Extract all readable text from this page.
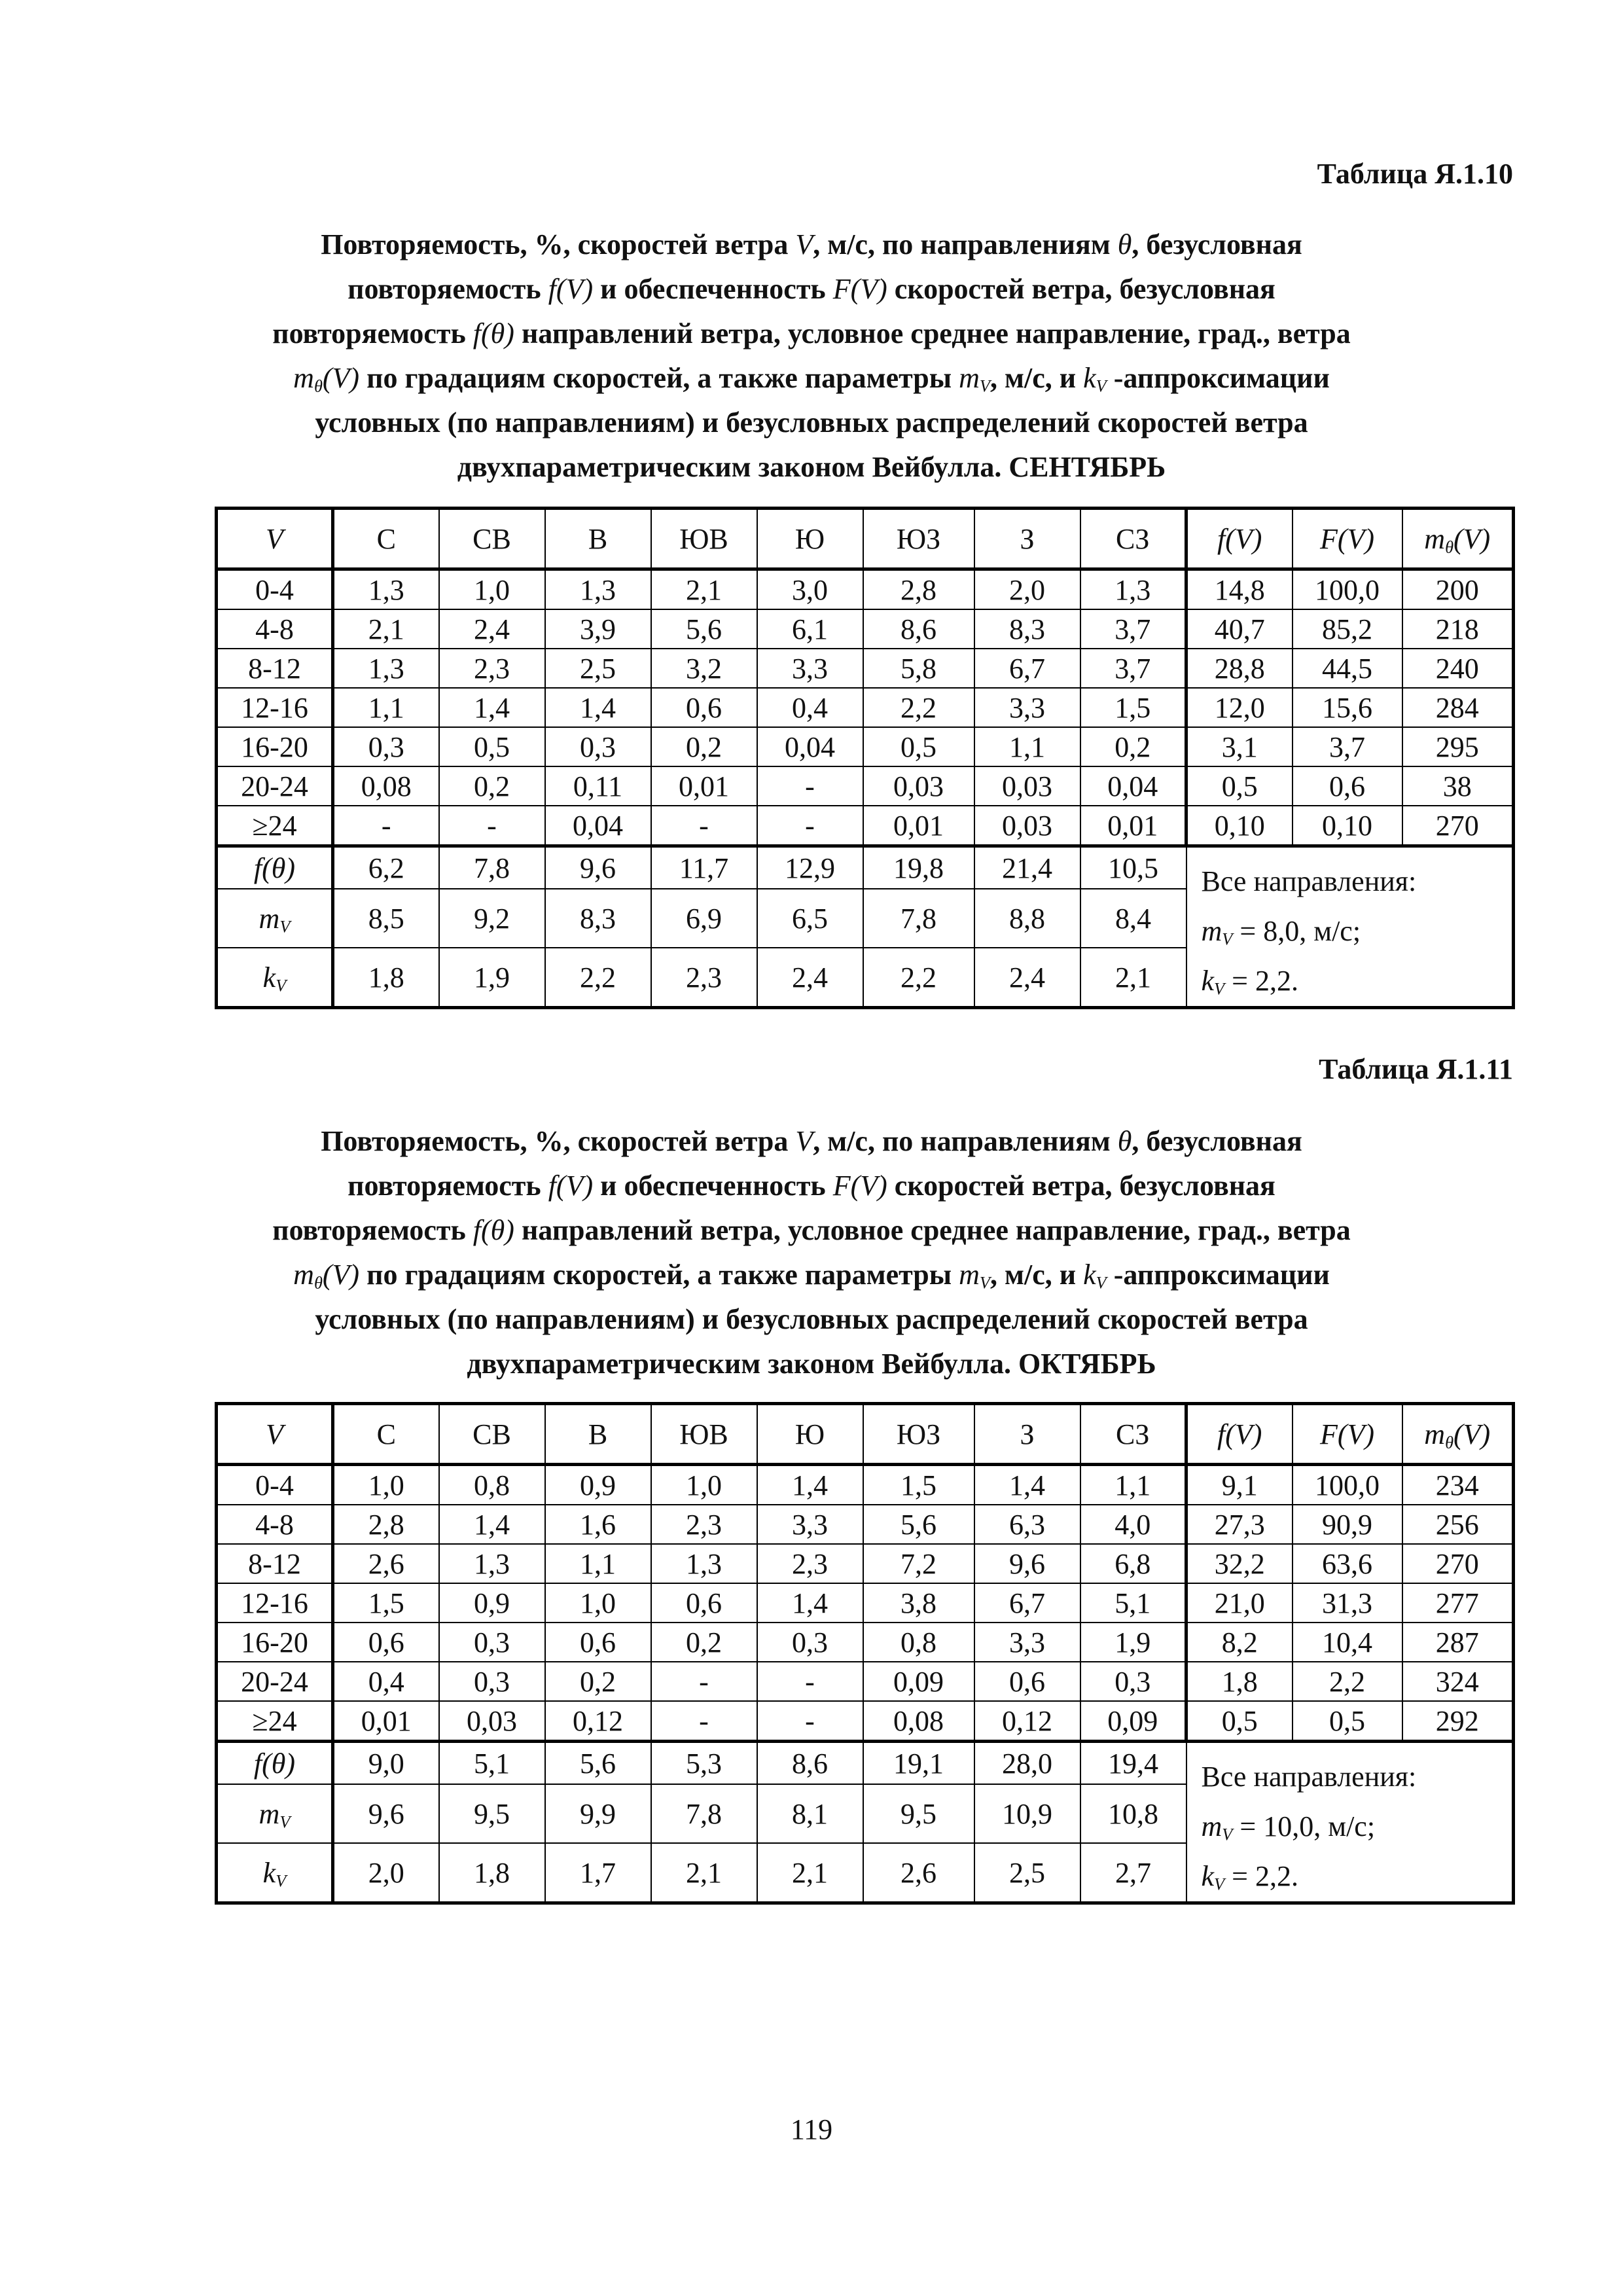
Таблица Я.1.10
Повторяемость, %, скоростей ветра V, м/с, по направлениям θ, безусловная
повторяемость f(V) и обеспеченность F(V) скоростей ветра, безусловная
повторяемость f(θ) направлений ветра, условное среднее направление, град., ветра
$m_\theta(V)$ по градациям скоростей, а также параметры $m_V$, м/с, и $k_V$ -аппроксимации
условных (по направлениям) и безусловных распределений скоростей ветра
двухпараметрическим законом Вейбулла. СЕНТЯБРЬ
V	С	СВ	В	ЮВ	Ю	ЮЗ	З	СЗ	f(V)	F(V)	$m_\theta(V)$
0-4	1,3	1,0	1,3	2,1	3,0	2,8	2,0	1,3	14,8	100,0	200
4-8	2,1	2,4	3,9	5,6	6,1	8,6	8,3	3,7	40,7	85,2	218
8-12	1,3	2,3	2,5	3,2	3,3	5,8	6,7	3,7	28,8	44,5	240
12-16	1,1	1,4	1,4	0,6	0,4	2,2	3,3	1,5	12,0	15,6	284
16-20	0,3	0,5	0,3	0,2	0,04	0,5	1,1	0,2	3,1	3,7	295
20-24	0,08	0,2	0,11	0,01	-	0,03	0,03	0,04	0,5	0,6	38
≥24	-	-	0,04	-	-	0,01	0,03	0,01	0,10	0,10	270
f(θ)	6,2	7,8	9,6	11,7	12,9	19,8	21,4	10,5	Все направления:
$m_V = 8,0$, м/с;
$k_V = 2,2$.		

$m_V$	8,5	9,2	8,3	6,9	6,5	7,8	8,8	8,4			
$k_V$	1,8	1,9	2,2	2,3	2,4	2,2	2,4	2,1			
Таблица Я.1.11
Повторяемость, %, скоростей ветра V, м/с, по направлениям θ, безусловная
повторяемость f(V) и обеспеченность F(V) скоростей ветра, безусловная
повторяемость f(θ) направлений ветра, условное среднее направление, град., ветра
$m_\theta(V)$ по градациям скоростей, а также параметры $m_V$, м/с, и $k_V$ -аппроксимации
условных (по направлениям) и безусловных распределений скоростей ветра
двухпараметрическим законом Вейбулла. ОКТЯБРЬ
V	С	СВ	В	ЮВ	Ю	ЮЗ	З	СЗ	f(V)	F(V)	$m_\theta(V)$
0-4	1,0	0,8	0,9	1,0	1,4	1,5	1,4	1,1	9,1	100,0	234
4-8	2,8	1,4	1,6	2,3	3,3	5,6	6,3	4,0	27,3	90,9	256
8-12	2,6	1,3	1,1	1,3	2,3	7,2	9,6	6,8	32,2	63,6	270
12-16	1,5	0,9	1,0	0,6	1,4	3,8	6,7	5,1	21,0	31,3	277
16-20	0,6	0,3	0,6	0,2	0,3	0,8	3,3	1,9	8,2	10,4	287
20-24	0,4	0,3	0,2	-	-	0,09	0,6	0,3	1,8	2,2	324
≥24	0,01	0,03	0,12	-	-	0,08	0,12	0,09	0,5	0,5	292
f(θ)	9,0	5,1	5,6	5,3	8,6	19,1	28,0	19,4	Все направления:
$m_V = 10,0$, м/с;
$k_V = 2,2$.		

$m_V$	9,6	9,5	9,9	7,8	8,1	9,5	10,9	10,8			
$k_V$	2,0	1,8	1,7	2,1	2,1	2,6	2,5	2,7			
119
